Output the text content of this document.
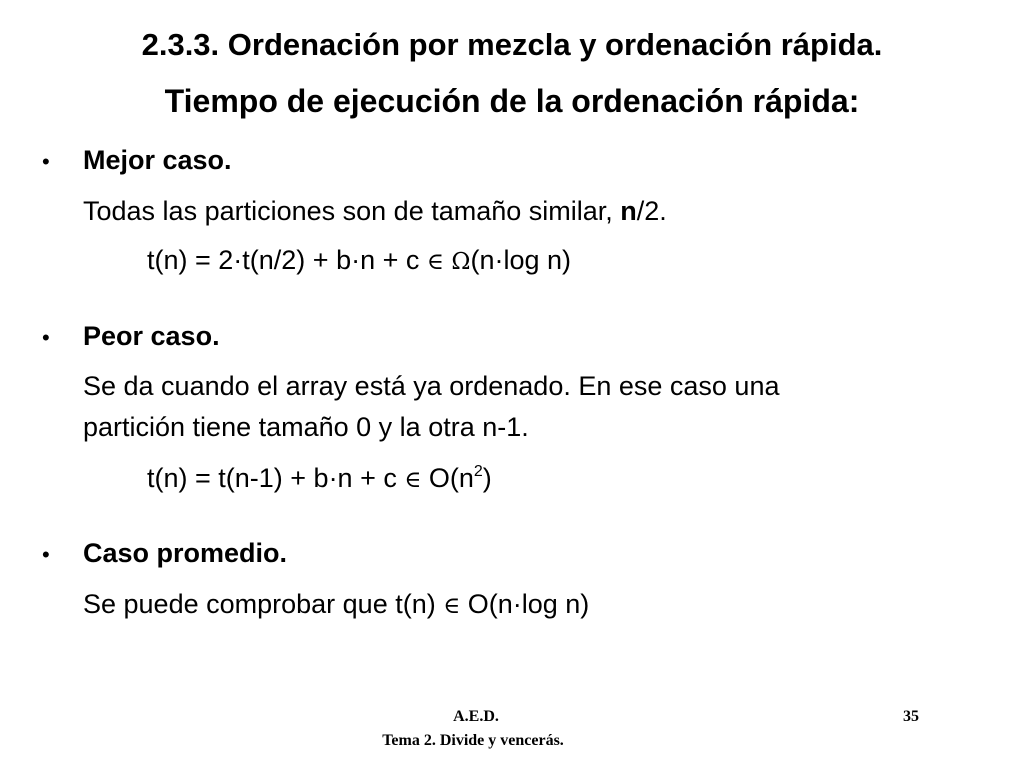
2.3.3. Ordenación por mezcla y ordenación rápida.
Tiempo de ejecución de la ordenación rápida:
• Mejor caso.
Todas las particiones son de tamaño similar, n/2.
t(n) = 2·t(n/2) + b·n + c ∈ Ω(n·log n)
• Peor caso.
Se da cuando el array está ya ordenado. En ese caso una
partición tiene tamaño 0 y la otra n-1.
t(n) = t(n-1) + b·n + c ∈ $O(n^2)$
• Caso promedio.
Se puede comprobar que t(n) ∈ O(n·log n)
A.E.D.
Tema 2. Divide y vencerás.
35
